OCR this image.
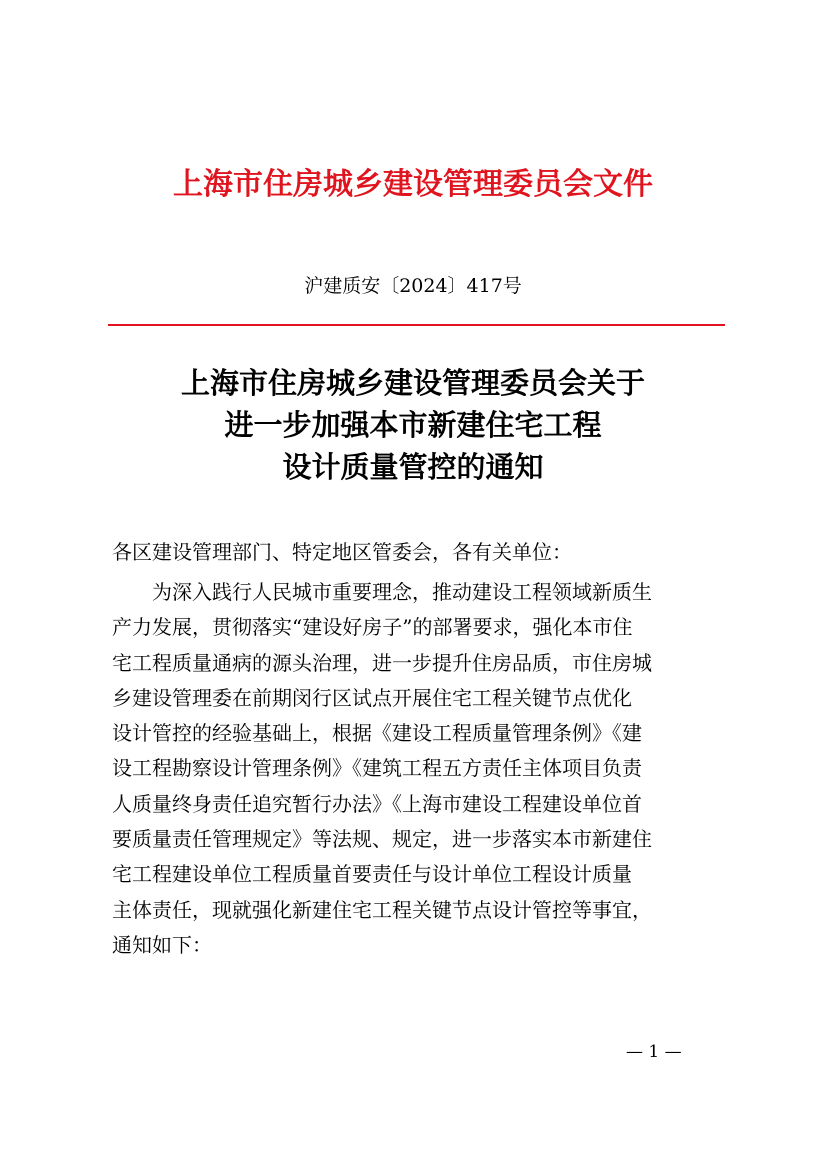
上海市住房城乡建设管理委员会文件
沪建质安〔2024〕417号
上海市住房城乡建设管理委员会关于
进一步加强本市新建住宅工程
设计质量管控的通知
各区建设管理部门、特定地区管委会，各有关单位：
为深入践行人民城市重要理念，推动建设工程领域新质生
产力发展，贯彻落实“建设好房子”的部署要求，强化本市住
宅工程质量通病的源头治理，进一步提升住房品质，市住房城
乡建设管理委在前期闵行区试点开展住宅工程关键节点优化
设计管控的经验基础上，根据《建设工程质量管理条例》《建
设工程勘察设计管理条例》《建筑工程五方责任主体项目负责
人质量终身责任追究暂行办法》《上海市建设工程建设单位首
要质量责任管理规定》等法规、规定，进一步落实本市新建住
宅工程建设单位工程质量首要责任与设计单位工程设计质量
主体责任，现就强化新建住宅工程关键节点设计管控等事宜，
通知如下：
— 1 —
